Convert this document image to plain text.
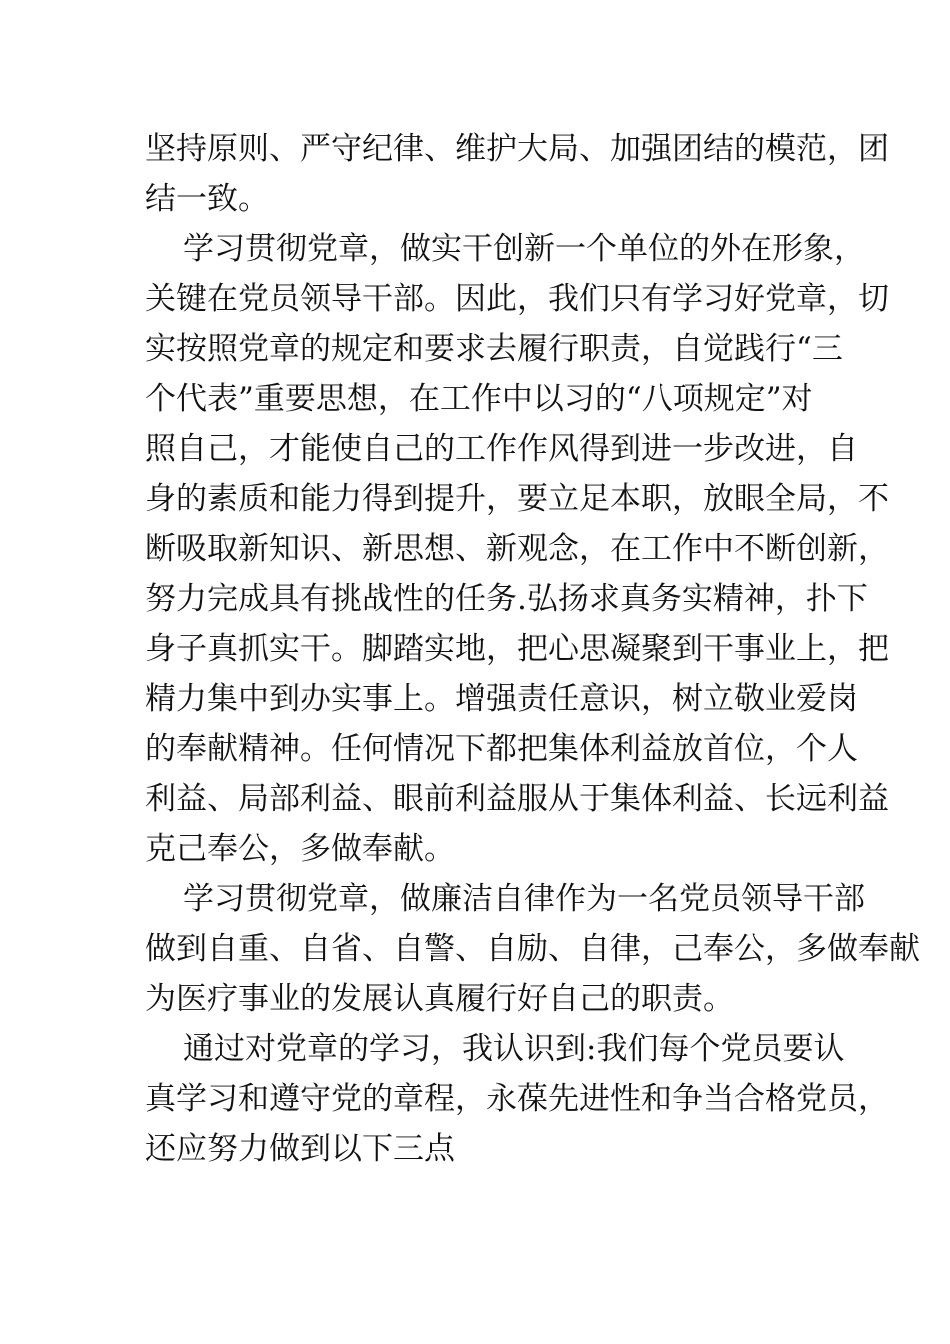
坚持原则、严守纪律、维护大局、加强团结的模范，团
结一致。
学习贯彻党章，做实干创新一个单位的外在形象，
关键在党员领导干部。因此，我们只有学习好党章，切
实按照党章的规定和要求去履行职责，自觉践行“三
个代表”重要思想，在工作中以习的“八项规定”对
照自己，才能使自己的工作作风得到进一步改进，自
身的素质和能力得到提升，要立足本职，放眼全局，不
断吸取新知识、新思想、新观念，在工作中不断创新，
努力完成具有挑战性的任务.弘扬求真务实精神，扑下
身子真抓实干。脚踏实地，把心思凝聚到干事业上，把
精力集中到办实事上。增强责任意识，树立敬业爱岗
的奉献精神。任何情况下都把集体利益放首位，个人
利益、局部利益、眼前利益服从于集体利益、长远利益
克己奉公，多做奉献。
学习贯彻党章，做廉洁自律作为一名党员领导干部
做到自重、自省、自警、自励、自律，己奉公，多做奉献
为医疗事业的发展认真履行好自己的职责。
通过对党章的学习，我认识到:我们每个党员要认
真学习和遵守党的章程，永葆先进性和争当合格党员，
还应努力做到以下三点
